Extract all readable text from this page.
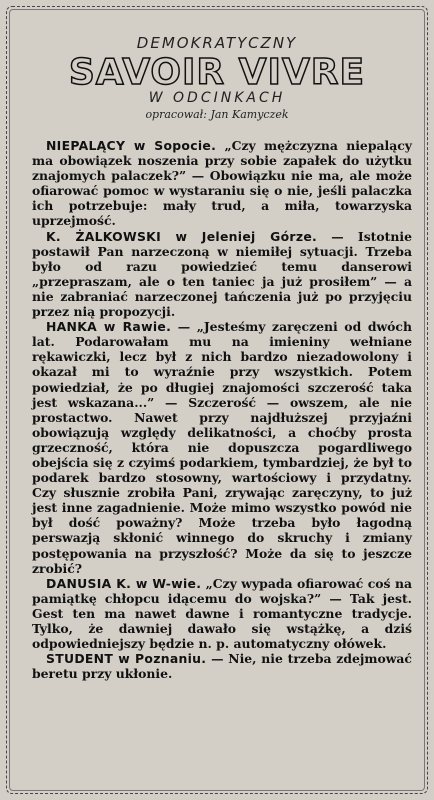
DEMOKRATYCZNY
SAVOIR VIVRE
W ODCINKACH
opracował: Jan Kamyczek

NIEPALĄCY w Sopocie. „Czy mężczyzna niepalący ma obowiązek noszenia przy sobie zapałek do użytku znajomych palaczek?” — Obowiązku nie ma, ale może ofiarować pomoc w wystaraniu się o nie, jeśli palaczka ich potrzebuje: mały trud, a miła, towarzyska uprzejmość.

K. ŻALKOWSKI w Jeleniej Górze. — Istotnie postawił Pan narzeczoną w niemiłej sytuacji. Trzeba było od razu powiedzieć temu danserowi „przepraszam, ale o ten taniec ja już prosiłem” — a nie zabraniać narzeczonej tańczenia już po przyjęciu przez nią propozycji.

HANKA w Rawie. — „Jesteśmy zaręczeni od dwóch lat. Podarowałam mu na imieniny wełniane rękawiczki, lecz był z nich bardzo niezadowolony i okazał mi to wyraźnie przy wszystkich. Potem powiedział, że po długiej znajomości szczerość taka jest wskazana...” — Szczerość — owszem, ale nie prostactwo. Nawet przy najdłuższej przyjaźni obowiązują względy delikatności, a choćby prosta grzeczność, która nie dopuszcza pogardliwego obejścia się z czyimś podarkiem, tymbardziej, że był to podarek bardzo stosowny, wartościowy i przydatny. Czy słusznie zrobiła Pani, zrywając zaręczyny, to już jest inne zagadnienie. Może mimo wszystko powód nie był dość poważny? Może trzeba było łagodną perswazją skłonić winnego do skruchy i zmiany postępowania na przyszłość? Może da się to jeszcze zrobić?

DANUSIA K. w W-wie. „Czy wypada ofiarować coś na pamiątkę chłopcu idącemu do wojska?” — Tak jest. Gest ten ma nawet dawne i romantyczne tradycje. Tylko, że dawniej dawało się wstążkę, a dziś odpowiedniejszy będzie n. p. automatyczny ołówek.

STUDENT w Poznaniu. — Nie, nie trzeba zdejmować beretu przy ukłonie.
